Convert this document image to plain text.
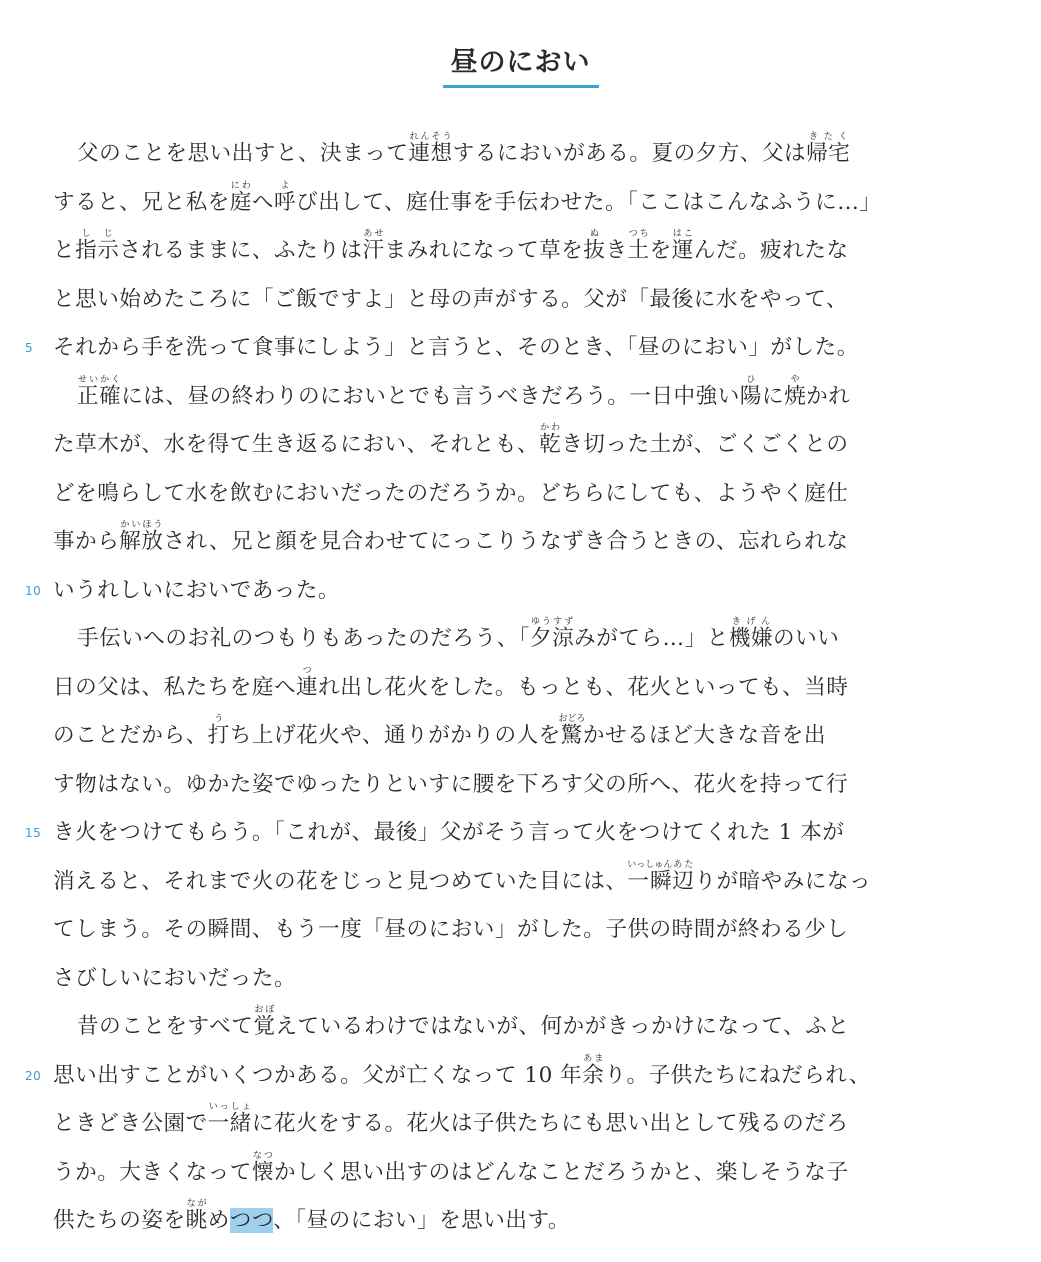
昼のにおい
父のことを思い出すと、決まって連想れんそうするにおいがある。夏の夕方、父は帰宅きたく
すると、兄と私を庭にわへ呼よび出して、庭仕事を手伝わせた。「ここはこんなふうに…」
と指示しじされるままに、ふたりは汗あせまみれになって草を抜ぬき土つちを運はこんだ。疲れたな
と思い始めたころに「ご飯ですよ」と母の声がする。父が「最後に水をやって、
5 それから手を洗って食事にしよう」と言うと、そのとき、「昼のにおい」がした。
正確せいかくには、昼の終わりのにおいとでも言うべきだろう。一日中強い陽ひに焼やかれ
た草木が、水を得て生き返るにおい、それとも、乾かわき切った土が、ごくごくとの
どを鳴らして水を飲むにおいだったのだろうか。どちらにしても、ようやく庭仕
事から解放かいほうされ、兄と顔を見合わせてにっこりうなずき合うときの、忘れられな
10 いうれしいにおいであった。
手伝いへのお礼のつもりもあったのだろう、「夕涼ゆうすずみがてら…」と機嫌きげんのいい
日の父は、私たちを庭へ連つれ出し花火をした。もっとも、花火といっても、当時
のことだから、打うち上げ花火や、通りがかりの人を驚おどろかせるほど大きな音を出
す物はない。ゆかた姿でゆったりといすに腰を下ろす父の所へ、花火を持って行
15 き火をつけてもらう。「これが、最後」父がそう言って火をつけてくれた 1 本が
消えると、それまで火の花をじっと見つめていた目には、一瞬いっしゅん辺あたりが暗やみになっ
てしまう。その瞬間、もう一度「昼のにおい」がした。子供の時間が終わる少し
さびしいにおいだった。
昔のことをすべて覚おぼえているわけではないが、何かがきっかけになって、ふと
20 思い出すことがいくつかある。父が亡くなって 10 年余あまり。子供たちにねだられ、
ときどき公園で一緒いっしょに花火をする。花火は子供たちにも思い出として残るのだろ
うか。大きくなって懐なつかしく思い出すのはどんなことだろうかと、楽しそうな子
供たちの姿を眺ながめつつ、「昼のにおい」を思い出す。
